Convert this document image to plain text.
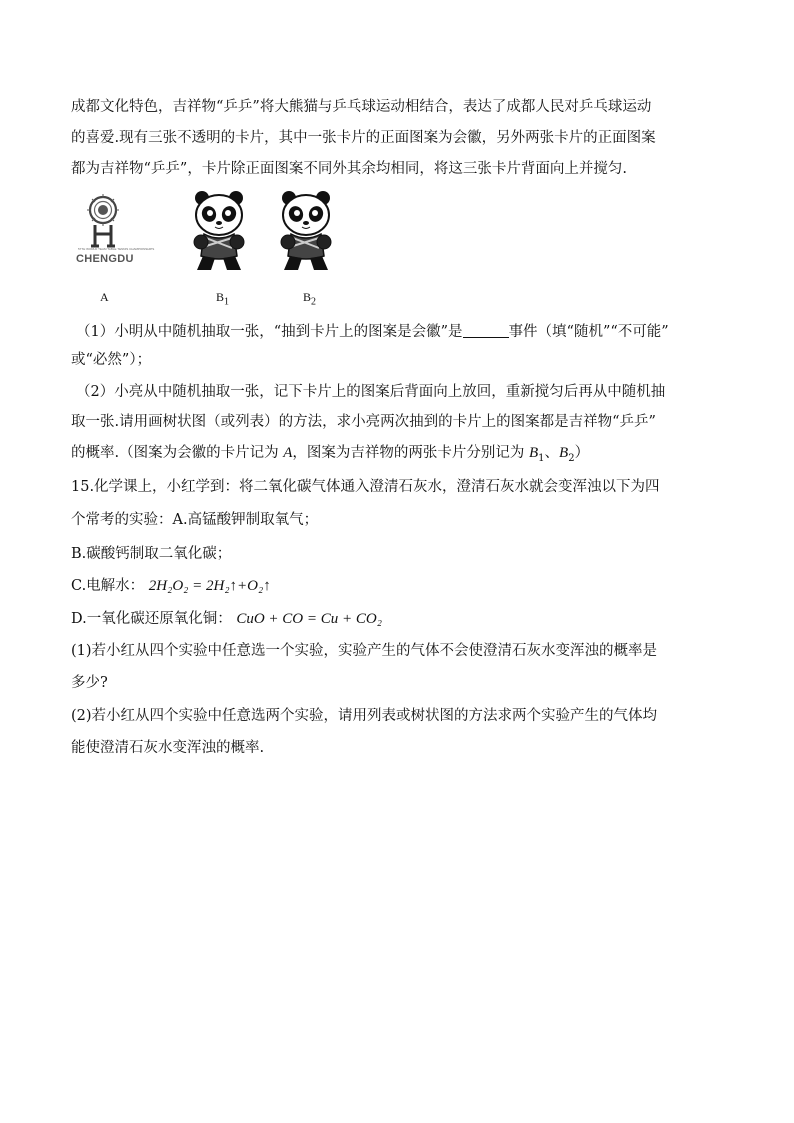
成都文化特色，吉祥物“乒乒”将大熊猫与乒乓球运动相结合，表达了成都人民对乒乓球运动
的喜爱.现有三张不透明的卡片，其中一张卡片的正面图案为会徽，另外两张卡片的正面图案
都为吉祥物“乒乒”，卡片除正面图案不同外其余均相同，将这三张卡片背面向上并搅匀.
57TH WORLD TEAM TABLE TENNIS CHAMPIONSHIPS
CHENGDU
A	$B_1$	$B_2$
（1）小明从中随机抽取一张，“抽到卡片上的图案是会徽”是	事件（填“随机”“不可能”
或“必然”）；
（2）小亮从中随机抽取一张，记下卡片上的图案后背面向上放回，重新搅匀后再从中随机抽
取一张.请用画树状图（或列表）的方法，求小亮两次抽到的卡片上的图案都是吉祥物“乒乒”
的概率.（图案为会徽的卡片记为 A，图案为吉祥物的两张卡片分别记为 $B_1$、$B_2$）
15.化学课上，小红学到：将二氧化碳气体通入澄清石灰水，澄清石灰水就会变浑浊以下为四
个常考的实验：A.高锰酸钾制取氧气；
B.碳酸钙制取二氧化碳；
C.电解水： 2H₂O₂ = 2H₂↑+O₂↑
D.一氧化碳还原氧化铜： CuO + CO = Cu + CO₂
(1)若小红从四个实验中任意选一个实验，实验产生的气体不会使澄清石灰水变浑浊的概率是
多少?
(2)若小红从四个实验中任意选两个实验，请用列表或树状图的方法求两个实验产生的气体均
能使澄清石灰水变浑浊的概率.
